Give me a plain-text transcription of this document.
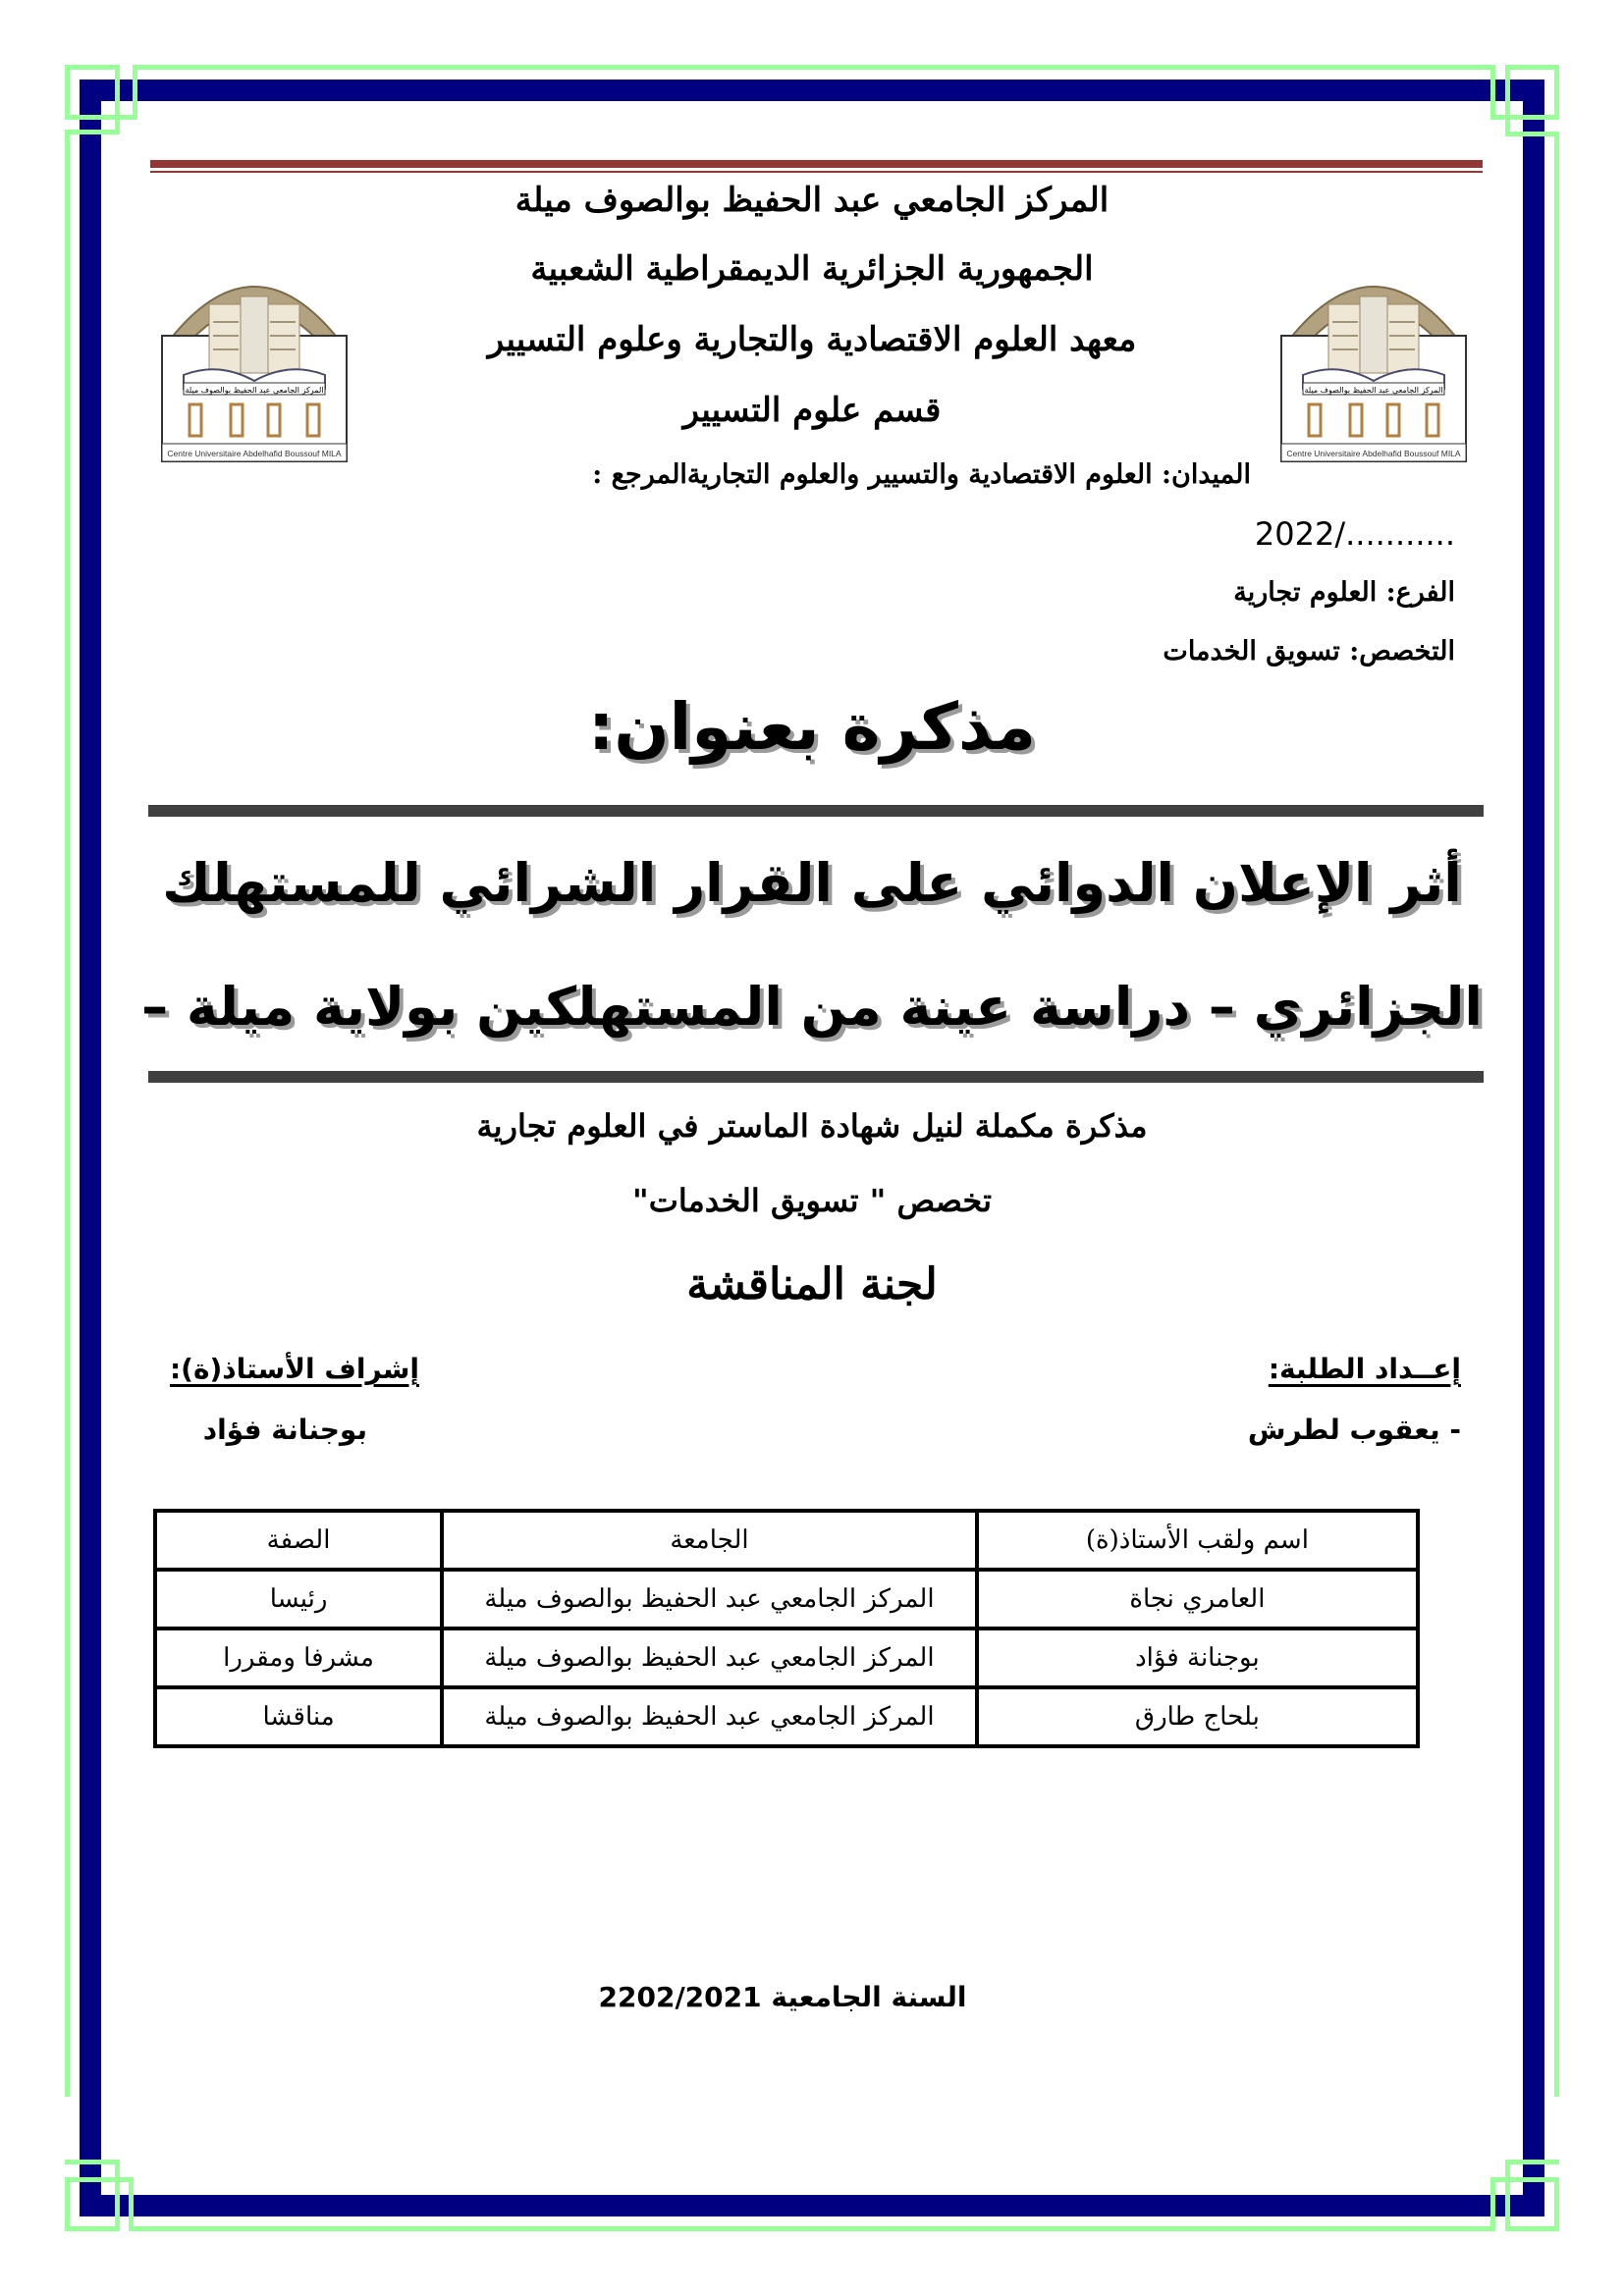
المركز الجامعي عبد الحفيظ بوالصوف ميلة
Centre Universitaire Abdelhafid Boussouf MILA
المركز الجامعي عبد الحفيظ بوالصوف ميلة
Centre Universitaire Abdelhafid Boussouf MILA
المركز الجامعي عبد الحفيظ بوالصوف ميلة
الجمهورية الجزائرية الديمقراطية الشعبية
معهد العلوم الاقتصادية والتجارية وعلوم التسيير
قسم علوم التسيير
الميدان: العلوم الاقتصادية والتسيير والعلوم التجاريةالمرجع :
2022/...........
الفرع: العلوم تجارية
التخصص: تسويق الخدمات
مذكرة بعنوان:
أثر الإعلان الدوائي على القرار الشرائي للمستهلك
الجزائري – دراسة عينة من المستهلكين بولاية ميلة –
مذكرة مكملة لنيل شهادة الماستر في العلوم تجارية
تخصص " تسويق الخدمات"
لجنة المناقشة
إعــداد الطلبة:
- يعقوب لطرش
إشراف الأستاذ(ة):
بوجنانة فؤاد
اسم ولقب الأستاذ(ة)	الجامعة	الصفة
العامري نجاة	المركز الجامعي عبد الحفيظ بوالصوف ميلة	رئيسا
بوجنانة فؤاد	المركز الجامعي عبد الحفيظ بوالصوف ميلة	مشرفا ومقررا
بلحاج طارق	المركز الجامعي عبد الحفيظ بوالصوف ميلة	مناقشا
السنة الجامعية 2202/2021
